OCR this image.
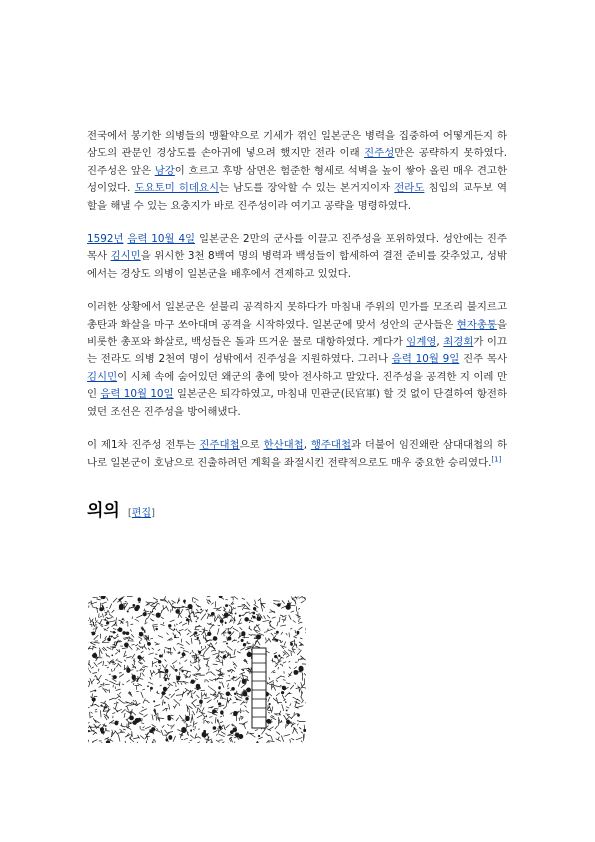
전국에서 봉기한 의병들의 맹활약으로 기세가 꺾인 일본군은 병력을 집중하여 어떻게든지 하삼도의 관문인 경상도를 손아귀에 넣으려 했지만 전라 이래 진주성만은 공략하지 못하였다. 진주성은 앞은 남강이 흐르고 후방 삼면은 험준한 형세로 석벽을 높이 쌓아 올린 매우 견고한 성이었다. 도요토미 히데요시는 남도를 장악할 수 있는 본거지이자 전라도 침입의 교두보 역할을 해낼 수 있는 요충지가 바로 진주성이라 여기고 공략을 명령하였다.

1592년 음력 10월 4일 일본군은 2만의 군사를 이끌고 진주성을 포위하였다. 성안에는 진주목사 김시민을 위시한 3천 8백여 명의 병력과 백성들이 합세하여 결전 준비를 갖추었고, 성밖에서는 경상도 의병이 일본군을 배후에서 견제하고 있었다.

이러한 상황에서 일본군은 섣불리 공격하지 못하다가 마침내 주위의 민가를 모조리 불지르고 총탄과 화살을 마구 쏘아대며 공격을 시작하였다. 일본군에 맞서 성안의 군사들은 현자총통을 비롯한 총포와 화살로, 백성들은 돌과 뜨거운 물로 대항하였다. 게다가 임계영, 최경회가 이끄는 전라도 의병 2천여 명이 성밖에서 진주성을 지원하였다. 그러나 음력 10월 9일 진주 목사 김시민이 시체 속에 숨어있던 왜군의 총에 맞아 전사하고 말았다. 진주성을 공격한 지 이레 만인 음력 10월 10일 일본군은 퇴각하였고, 마침내 민관군(民官軍) 할 것 없이 단결하여 항전하였던 조선은 진주성을 방어해냈다.

이 제1차 진주성 전투는 진주대첩으로 한산대첩, 행주대첩과 더불어 임진왜란 삼대대첩의 하나로 일본군이 호남으로 진출하려던 계획을 좌절시킨 전략적으로도 매우 중요한 승리였다.[1]

의의 [편집]
